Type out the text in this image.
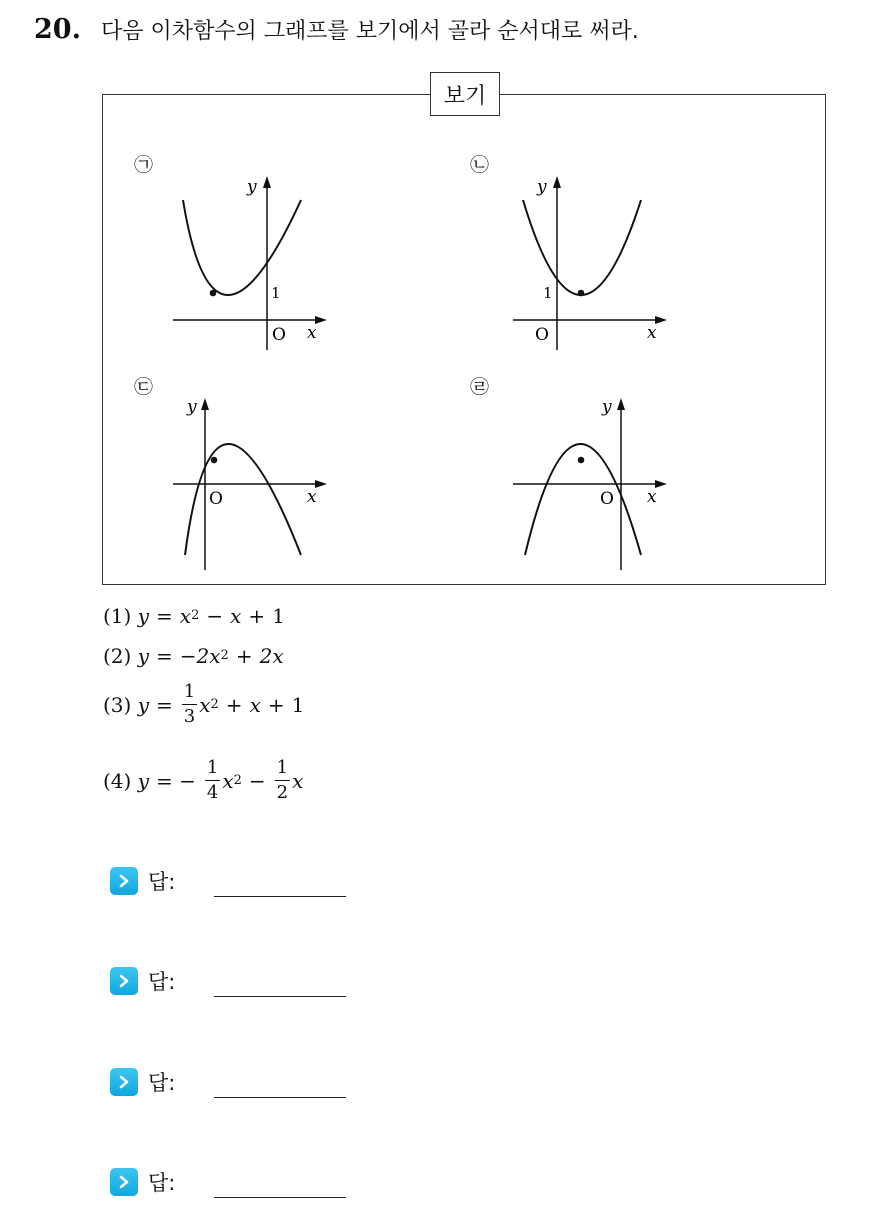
20. 다음 이차함수의 그래프를 보기에서 골라 순서대로 써라.
보기
㉠
y
x
O
1
㉡
y
x
O
1
㉢
y
x
O
㉣
y
x
O
(1)
y = x 2 − x + 1
(2)
y = −2x 2 + 2x
(3)
$y = \frac{1}{3}$ x 2 + x + 1
(4)
y = − $\frac{1}{4}$ x $2 - \frac{1}{2}$ x
답:
답:
답:
답:
